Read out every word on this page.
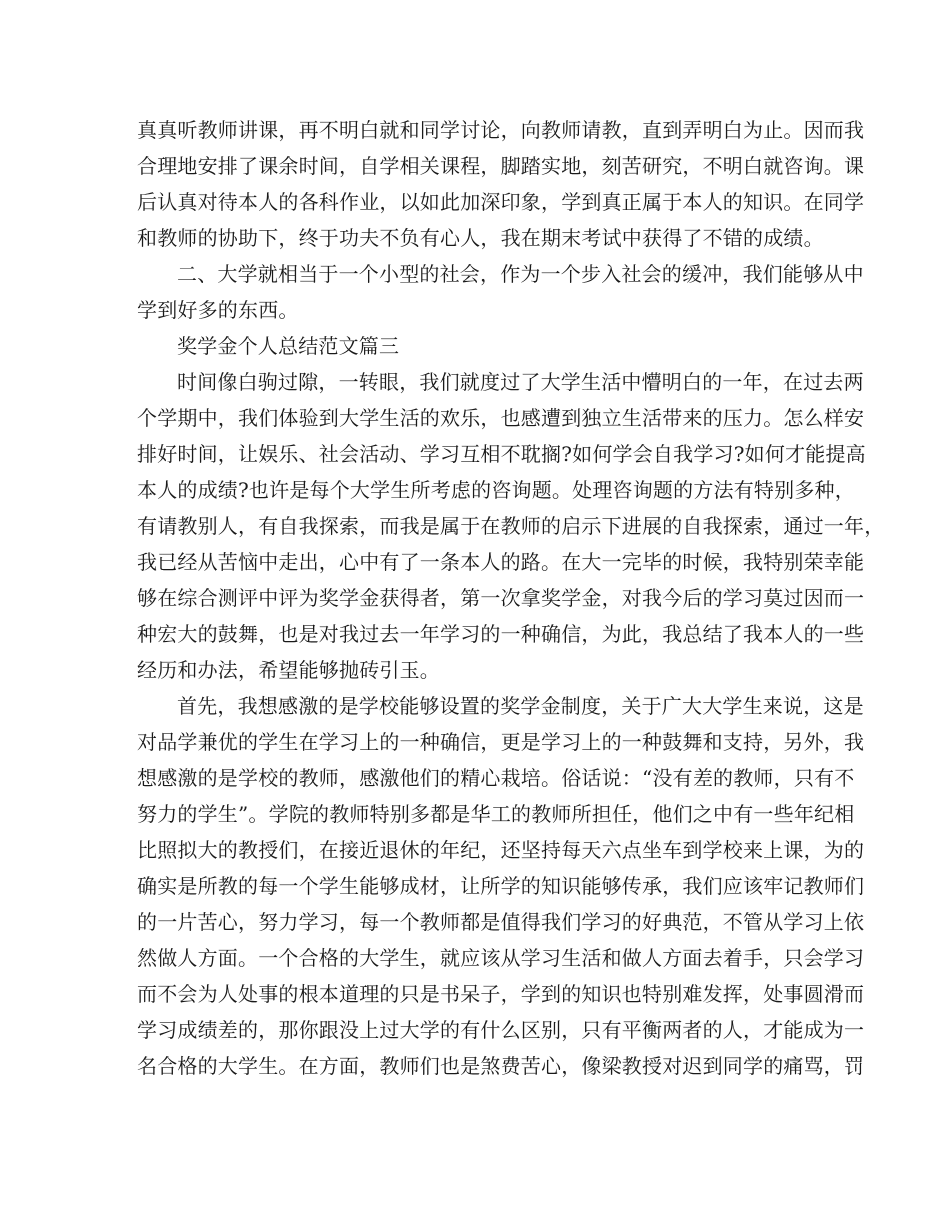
真真听教师讲课，再不明白就和同学讨论，向教师请教，直到弄明白为止。因而我
合理地安排了课余时间，自学相关课程，脚踏实地，刻苦研究，不明白就咨询。课
后认真对待本人的各科作业，以如此加深印象，学到真正属于本人的知识。在同学
和教师的协助下，终于功夫不负有心人，我在期末考试中获得了不错的成绩。
二、大学就相当于一个小型的社会，作为一个步入社会的缓冲，我们能够从中
学到好多的东西。
奖学金个人总结范文篇三
时间像白驹过隙，一转眼，我们就度过了大学生活中懵明白的一年，在过去两
个学期中，我们体验到大学生活的欢乐，也感遭到独立生活带来的压力。怎么样安
排好时间，让娱乐、社会活动、学习互相不耽搁?如何学会自我学习?如何才能提高
本人的成绩?也许是每个大学生所考虑的咨询题。处理咨询题的方法有特别多种，
有请教别人，有自我探索，而我是属于在教师的启示下进展的自我探索，通过一年，
我已经从苦恼中走出，心中有了一条本人的路。在大一完毕的时候，我特别荣幸能
够在综合测评中评为奖学金获得者，第一次拿奖学金，对我今后的学习莫过因而一
种宏大的鼓舞，也是对我过去一年学习的一种确信，为此，我总结了我本人的一些
经历和办法，希望能够抛砖引玉。
首先，我想感激的是学校能够设置的奖学金制度，关于广大大学生来说，这是
对品学兼优的学生在学习上的一种确信，更是学习上的一种鼓舞和支持，另外，我
想感激的是学校的教师，感激他们的精心栽培。俗话说：“没有差的教师，只有不
努力的学生”。学院的教师特别多都是华工的教师所担任，他们之中有一些年纪相
比照拟大的教授们，在接近退休的年纪，还坚持每天六点坐车到学校来上课，为的
确实是所教的每一个学生能够成材，让所学的知识能够传承，我们应该牢记教师们
的一片苦心，努力学习，每一个教师都是值得我们学习的好典范，不管从学习上依
然做人方面。一个合格的大学生，就应该从学习生活和做人方面去着手，只会学习
而不会为人处事的根本道理的只是书呆子，学到的知识也特别难发挥，处事圆滑而
学习成绩差的，那你跟没上过大学的有什么区别，只有平衡两者的人，才能成为一
名合格的大学生。在方面，教师们也是煞费苦心，像梁教授对迟到同学的痛骂，罚
